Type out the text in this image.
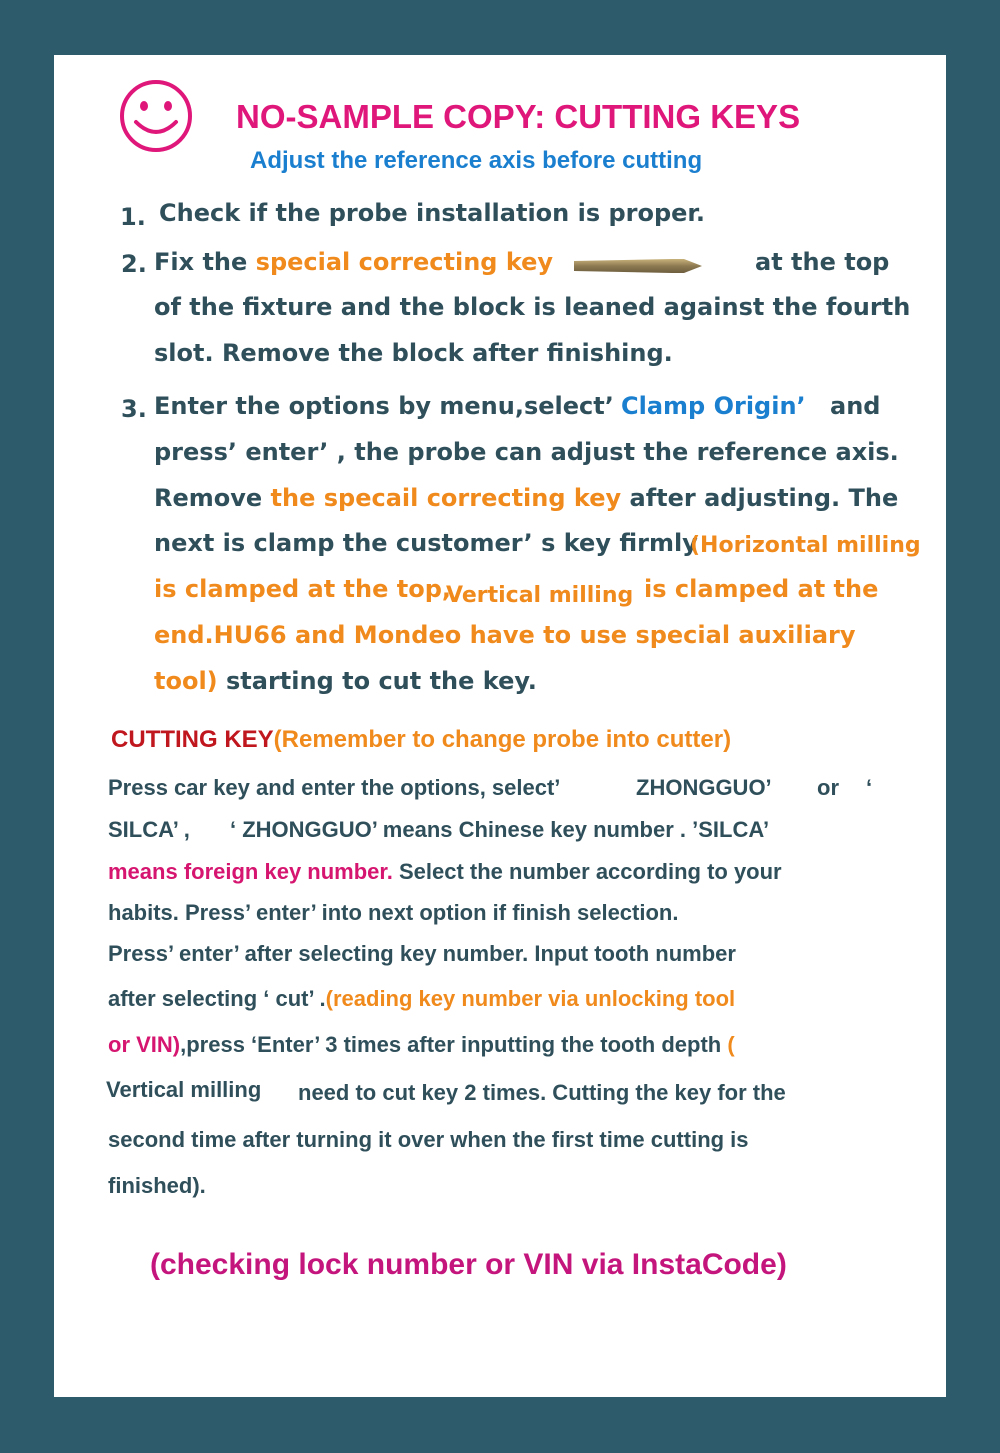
NO-SAMPLE COPY: CUTTING KEYS
Adjust the reference axis before cutting
1. Check if the probe installation is proper.
2. Fix the special correcting key	at the top
of the fixture and the block is leaned against the fourth
slot. Remove the block after finishing.
3. Enter the options by menu,select’ Clamp Origin’ and
press’ enter’ , the probe can adjust the reference axis.
Remove the specail correcting key after adjusting. The
next is clamp the customer’ s key firmly
(Horizontal milling
is clamped at the top,
Vertical milling is clamped at the
end.HU66 and Mondeo have to use special auxiliary
tool) starting to cut the key.
CUTTING KEY(Remember to change probe into cutter)
Press car key and enter the options, select’	ZHONGGUO’ or ‘
SILCA’ , ‘ ZHONGGUO’ means Chinese key number . ’SILCA’
means foreign key number. Select the number according to your
habits. Press’ enter’ into next option if finish selection.
Press’ enter’ after selecting key number. Input tooth number
after selecting ‘ cut’ .(reading key number via unlocking tool
or VIN),press ‘Enter’ 3 times after inputting the tooth depth (
Vertical milling need to cut key 2 times. Cutting the key for the
second time after turning it over when the first time cutting is
finished).
(checking lock number or VIN via InstaCode)
